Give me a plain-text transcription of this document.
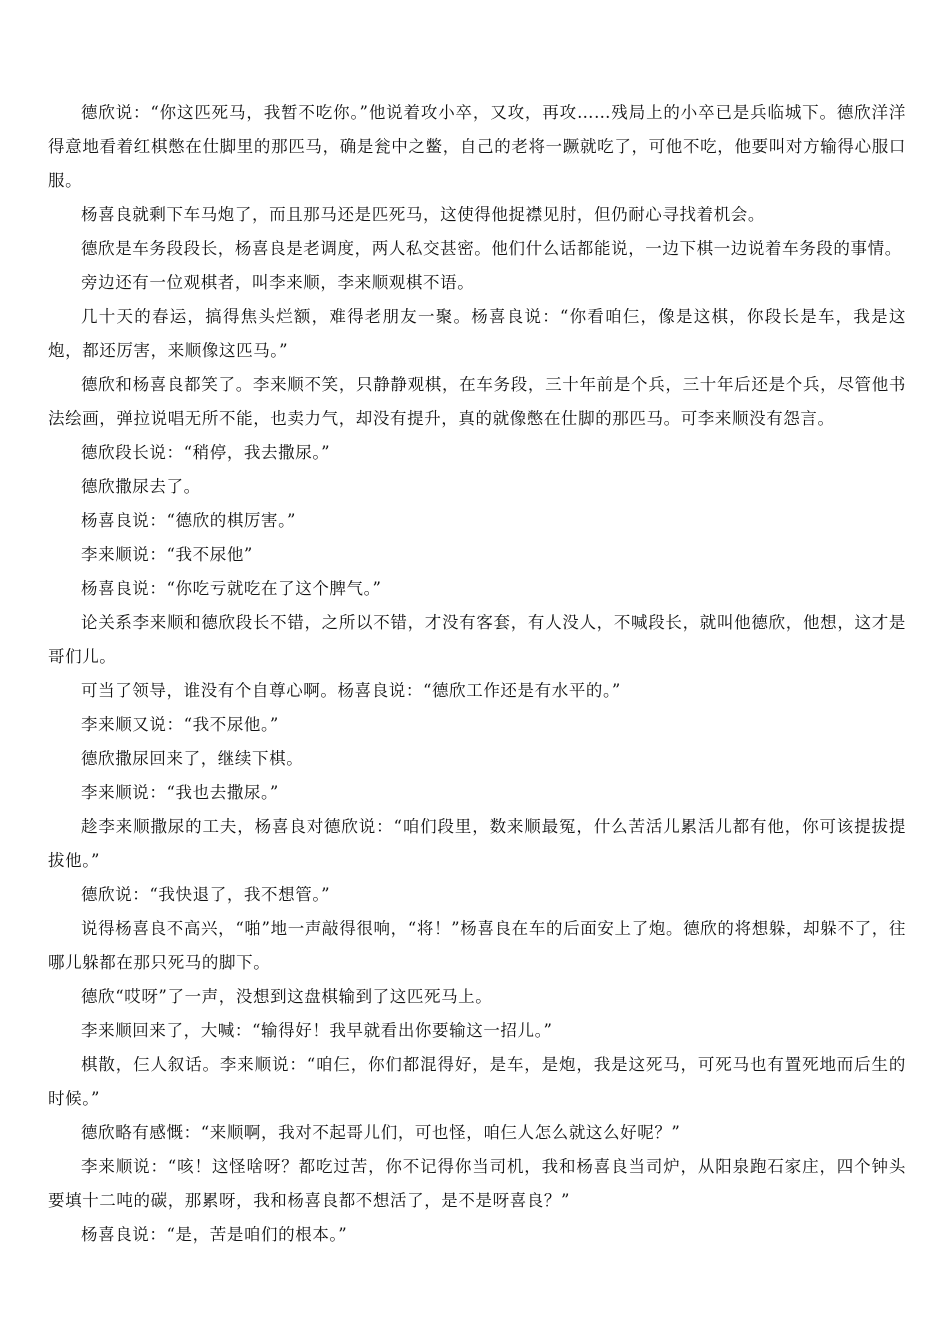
德欣说：“你这匹死马，我暂不吃你。”他说着攻小卒，又攻，再攻……残局上的小卒已是兵临城下。德欣洋洋得意地看着红棋憋在仕脚里的那匹马，确是瓮中之鳖，自己的老将一蹶就吃了，可他不吃，他要叫对方输得心服口服。

杨喜良就剩下车马炮了，而且那马还是匹死马，这使得他捉襟见肘，但仍耐心寻找着机会。

德欣是车务段段长，杨喜良是老调度，两人私交甚密。他们什么话都能说，一边下棋一边说着车务段的事情。

旁边还有一位观棋者，叫李来顺，李来顺观棋不语。

几十天的春运，搞得焦头烂额，难得老朋友一聚。杨喜良说：“你看咱仨，像是这棋，你段长是车，我是这炮，都还厉害，来顺像这匹马。”

德欣和杨喜良都笑了。李来顺不笑，只静静观棋，在车务段，三十年前是个兵，三十年后还是个兵，尽管他书法绘画，弹拉说唱无所不能，也卖力气，却没有提升，真的就像憋在仕脚的那匹马。可李来顺没有怨言。

德欣段长说：“稍停，我去撒尿。”

德欣撒尿去了。

杨喜良说：“德欣的棋厉害。”

李来顺说：“我不尿他”

杨喜良说：“你吃亏就吃在了这个脾气。”

论关系李来顺和德欣段长不错，之所以不错，才没有客套，有人没人，不喊段长，就叫他德欣，他想，这才是哥们儿。

可当了领导，谁没有个自尊心啊。杨喜良说：“德欣工作还是有水平的。”

李来顺又说：“我不尿他。”

德欣撒尿回来了，继续下棋。

李来顺说：“我也去撒尿。”

趁李来顺撒尿的工夫，杨喜良对德欣说：“咱们段里，数来顺最冤，什么苦活儿累活儿都有他，你可该提拔提拔他。”

德欣说：“我快退了，我不想管。”

说得杨喜良不高兴，“啪”地一声敲得很响，“将！”杨喜良在车的后面安上了炮。德欣的将想躲，却躲不了，往哪儿躲都在那只死马的脚下。

德欣“哎呀”了一声，没想到这盘棋输到了这匹死马上。

李来顺回来了，大喊：“输得好！我早就看出你要输这一招儿。”

棋散，仨人叙话。李来顺说：“咱仨，你们都混得好，是车，是炮，我是这死马，可死马也有置死地而后生的时候。”

德欣略有感慨：“来顺啊，我对不起哥儿们，可也怪，咱仨人怎么就这么好呢？”

李来顺说：“咳！这怪啥呀？都吃过苦，你不记得你当司机，我和杨喜良当司炉，从阳泉跑石家庄，四个钟头要填十二吨的碳，那累呀，我和杨喜良都不想活了，是不是呀喜良？”

杨喜良说：“是，苦是咱们的根本。”
